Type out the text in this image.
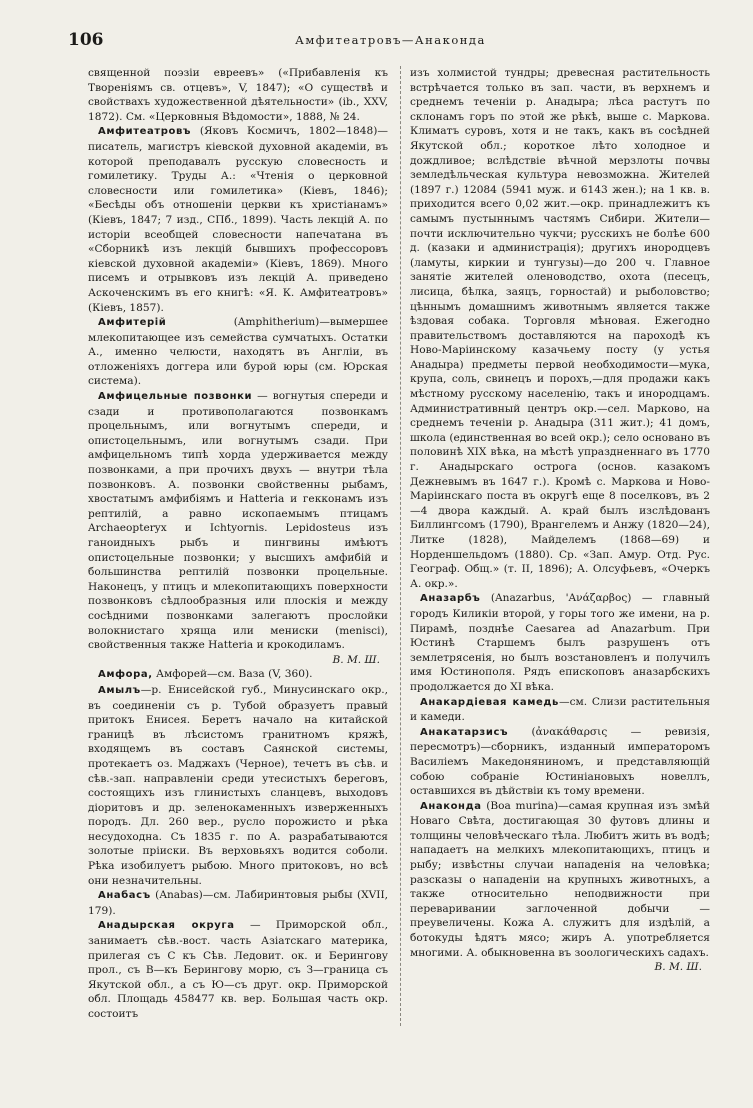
106	Амфитеатровъ—Анаконда

священной поэзіи евреевъ» («Прибавленія къ Твореніямъ св. отцевъ», V, 1847); «О существѣ и свойствахъ художественной дѣятельности» (ib., XXV, 1872). См. «Церковныя Вѣдомости», 1888, № 24.

Амфитеатровъ (Яковъ Космичъ, 1802—1848)—писатель, магистръ кіевской духовной академіи, въ которой преподавалъ русскую словесность и гомилетику. Труды А.: «Чтенія о церковной словесности или гомилетика» (Кіевъ, 1846); «Бесѣды объ отношеніи церкви къ христіанамъ» (Кіевъ, 1847; 7 изд., СПб., 1899). Часть лекцій А. по исторіи всеобщей словесности напечатана въ «Сборникѣ изъ лекцій бывшихъ профессоровъ кіевской духовной академіи» (Кіевъ, 1869). Много писемъ и отрывковъ изъ лекцій А. приведено Аскоченскимъ въ его книгѣ: «Я. К. Амфитеатровъ» (Кіевъ, 1857).

Амфитерій (Amphitherium)—вымершее млекопитающее изъ семейства сумчатыхъ. Остатки А., именно челюсти, находятъ въ Англіи, въ отложеніяхъ доггера или бурой юры (см. Юрская система).

Амфицельные позвонки — вогнутыя спереди и сзади и противополагаются позвонкамъ процельнымъ, или вогнутымъ спереди, и опистоцельнымъ, или вогнутымъ сзади. При амфицельномъ типѣ хорда удерживается между позвонками, а при прочихъ двухъ — внутри тѣла позвонковъ. А. позвонки свойственны рыбамъ, хвостатымъ амфибіямъ и Hatteria и гекконамъ изъ рептилій, а равно ископаемымъ птицамъ Archaeopteryx и Ichtyornis. Lepidosteus изъ ганоидныхъ рыбъ и пингвины имѣютъ опистоцельные позвонки; у высшихъ амфибій и большинства рептилій позвонки процельные. Наконецъ, у птицъ и млекопитающихъ поверхности позвонковъ сѣдлообразныя или плоскія и между сосѣдними позвонками залегаютъ прослойки волокнистаго хряща или мениски (menisci), свойственныя также Hatteria и крокодиламъ.

В. М. Ш.

Амфора, Амфорей—см. Ваза (V, 360).

Амылъ—р. Енисейской губ., Минусинскаго окр., въ соединеніи съ р. Тубой образуетъ правый притокъ Енисея. Беретъ начало на китайской границѣ въ лѣсистомъ гранитномъ кряжѣ, входящемъ въ составъ Саянской системы, протекаетъ оз. Маджахъ (Черное), течетъ въ сѣв. и сѣв.-зап. направленіи среди утесистыхъ береговъ, состоящихъ изъ глинистыхъ сланцевъ, выходовъ діоритовъ и др. зеленокаменныхъ изверженныхъ породъ. Дл. 260 вер., русло порожисто и рѣка несудоходна. Съ 1835 г. по А. разрабатываются золотые пріиски. Въ верховьяхъ водится соболи. Рѣка изобилуетъ рыбою. Много притоковъ, но всѣ они незначительны.

Анабасъ (Anabas)—см. Лабиринтовыя рыбы (XVII, 179).

Анадырская округа — Приморской обл., занимаетъ сѣв.-вост. часть Азіатскаго материка, прилегая съ С къ Сѣв. Ледовит. ок. и Берингову прол., съ В—къ Берингову морю, съ З—граница съ Якутской обл., а съ Ю—съ друг. окр. Приморской обл. Площадь 458477 кв. вер. Большая часть окр. состоитъ

изъ холмистой тундры; древесная растительность встрѣчается только въ зап. части, въ верхнемъ и среднемъ теченіи р. Анадыра; лѣса растутъ по склонамъ горъ по этой же рѣкѣ, выше с. Маркова. Климатъ суровъ, хотя и не такъ, какъ въ сосѣдней Якутской обл.; короткое лѣто холодное и дождливое; вслѣдствіе вѣчной мерзлоты почвы земледѣльческая культура невозможна. Жителей (1897 г.) 12084 (5941 муж. и 6143 жен.); на 1 кв. в. приходится всего 0,02 жит.—окр. принадлежитъ къ самымъ пустыннымъ частямъ Сибири. Жители—почти исключительно чукчи; русскихъ не болѣе 600 д. (казаки и администрація); другихъ инородцевъ (ламуты, киркии и тунгузы)—до 200 ч. Главное занятіе жителей оленоводство, охота (песецъ, лисица, бѣлка, заяцъ, горностай) и рыболовство; цѣннымъ домашнимъ животнымъ является также ѣздовая собака. Торговля мѣновая. Ежегодно правительствомъ доставляются на пароходѣ къ Ново-Маріинскому казачьему посту (у устья Анадыра) предметы первой необходимости—мука, крупа, соль, свинецъ и порохъ,—для продажи какъ мѣстному русскому населенію, такъ и инородцамъ. Административный центръ окр.—сел. Марково, на среднемъ теченіи р. Анадыра (311 жит.); 41 домъ, школа (единственная во всей окр.); село основано въ половинѣ XIX вѣка, на мѣстѣ упраздненнаго въ 1770 г. Анадырскаго острога (основ. казакомъ Дежневымъ въ 1647 г.). Кромѣ с. Маркова и Ново-Маріинскаго поста въ округѣ еще 8 поселковъ, въ 2—4 двора каждый. А. край былъ изслѣдованъ Биллингсомъ (1790), Врангелемъ и Анжу (1820—24), Литке (1828), Майделемъ (1868—69) и Норденшельдомъ (1880). Ср. «Зап. Амур. Отд. Рус. Географ. Общ.» (т. II, 1896); А. Олсуфьевъ, «Очеркъ А. окр.».

Аназарбъ (Anazarbus, 'Ανάζαρβος) — главный городъ Киликіи второй, у горы того же имени, на р. Пирамѣ, позднѣе Caesarea ad Anazarbum. При Юстинѣ Старшемъ былъ разрушенъ отъ землетрясенія, но былъ возстановленъ и получилъ имя Юстинополя. Рядъ епископовъ аназарбскихъ продолжается до XI вѣка.

Анакардіевая камедь—см. Слизи растительныя и камеди.

Анакатарзисъ (ἀνακάθαρσις — ревизія, пересмотръ)—сборникъ, изданный императоромъ Василіемъ Македоняниномъ, и представляющій собою собраніе Юстиніановыхъ новеллъ, оставшихся въ дѣйствіи къ тому времени.

Анаконда (Boa murina)—самая крупная изъ змѣй Новаго Свѣта, достигающая 30 футовъ длины и толщины человѣческаго тѣла. Любитъ жить въ водѣ; нападаетъ на мелкихъ млекопитающихъ, птицъ и рыбу; извѣстны случаи нападенія на человѣка; разсказы о нападеніи на крупныхъ животныхъ, а также относительно неподвижности при переваривании заглоченной добычи — преувеличены. Кожа А. служитъ для издѣлій, а ботокуды ѣдятъ мясо; жиръ А. употребляется многими. А. обыкновенна въ зоологическихъ садахъ.

В. М. Ш.
